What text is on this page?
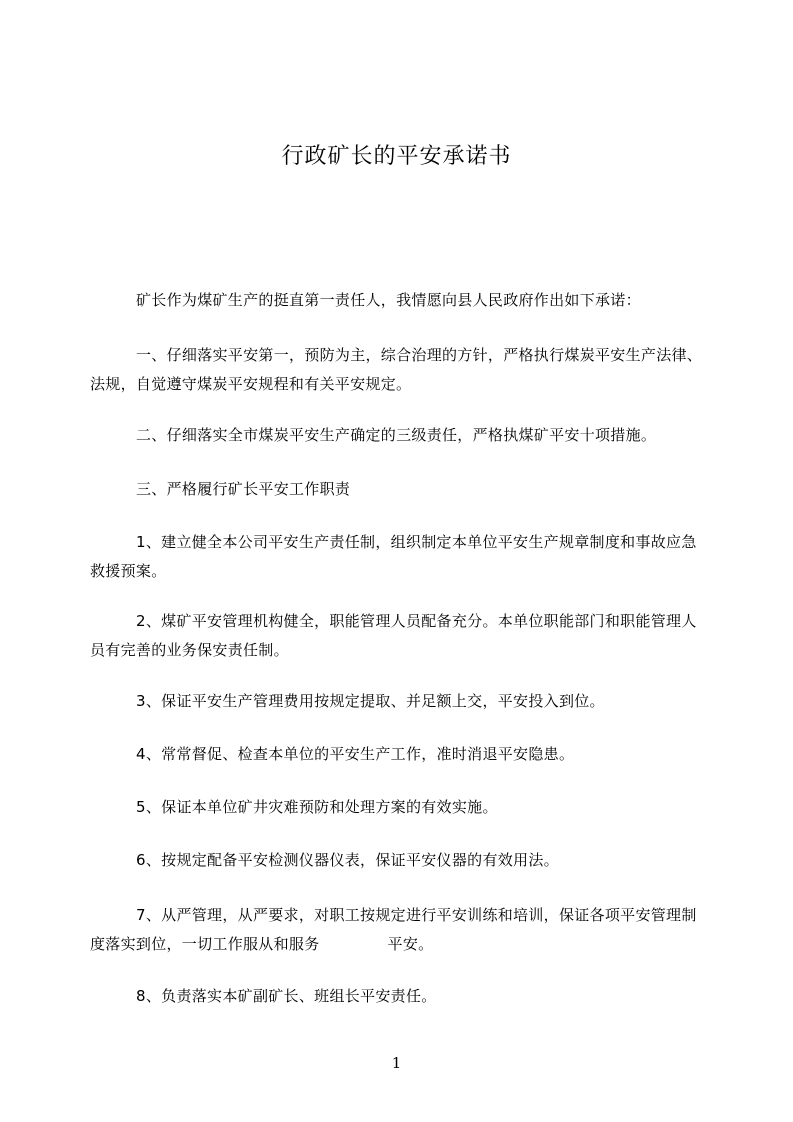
行政矿长的平安承诺书
矿长作为煤矿生产的挺直第一责任人，我情愿向县人民政府作出如下承诺：
一、仔细落实平安第一，预防为主，综合治理的方针，严格执行煤炭平安生产法律、法规，自觉遵守煤炭平安规程和有关平安规定。
二、仔细落实全市煤炭平安生产确定的三级责任，严格执煤矿平安十项措施。
三、严格履行矿长平安工作职责
1、建立健全本公司平安生产责任制，组织制定本单位平安生产规章制度和事故应急救援预案。
2、煤矿平安管理机构健全，职能管理人员配备充分。本单位职能部门和职能管理人员有完善的业务保安责任制。
3、保证平安生产管理费用按规定提取、并足额上交，平安投入到位。
4、常常督促、检查本单位的平安生产工作，准时消退平安隐患。
5、保证本单位矿井灾难预防和处理方案的有效实施。
6、按规定配备平安检测仪器仪表，保证平安仪器的有效用法。
7、从严管理，从严要求，对职工按规定进行平安训练和培训，保证各项平安管理制度落实到位，一切工作服从和服务	平安。
8、负责落实本矿副矿长、班组长平安责任。
1
